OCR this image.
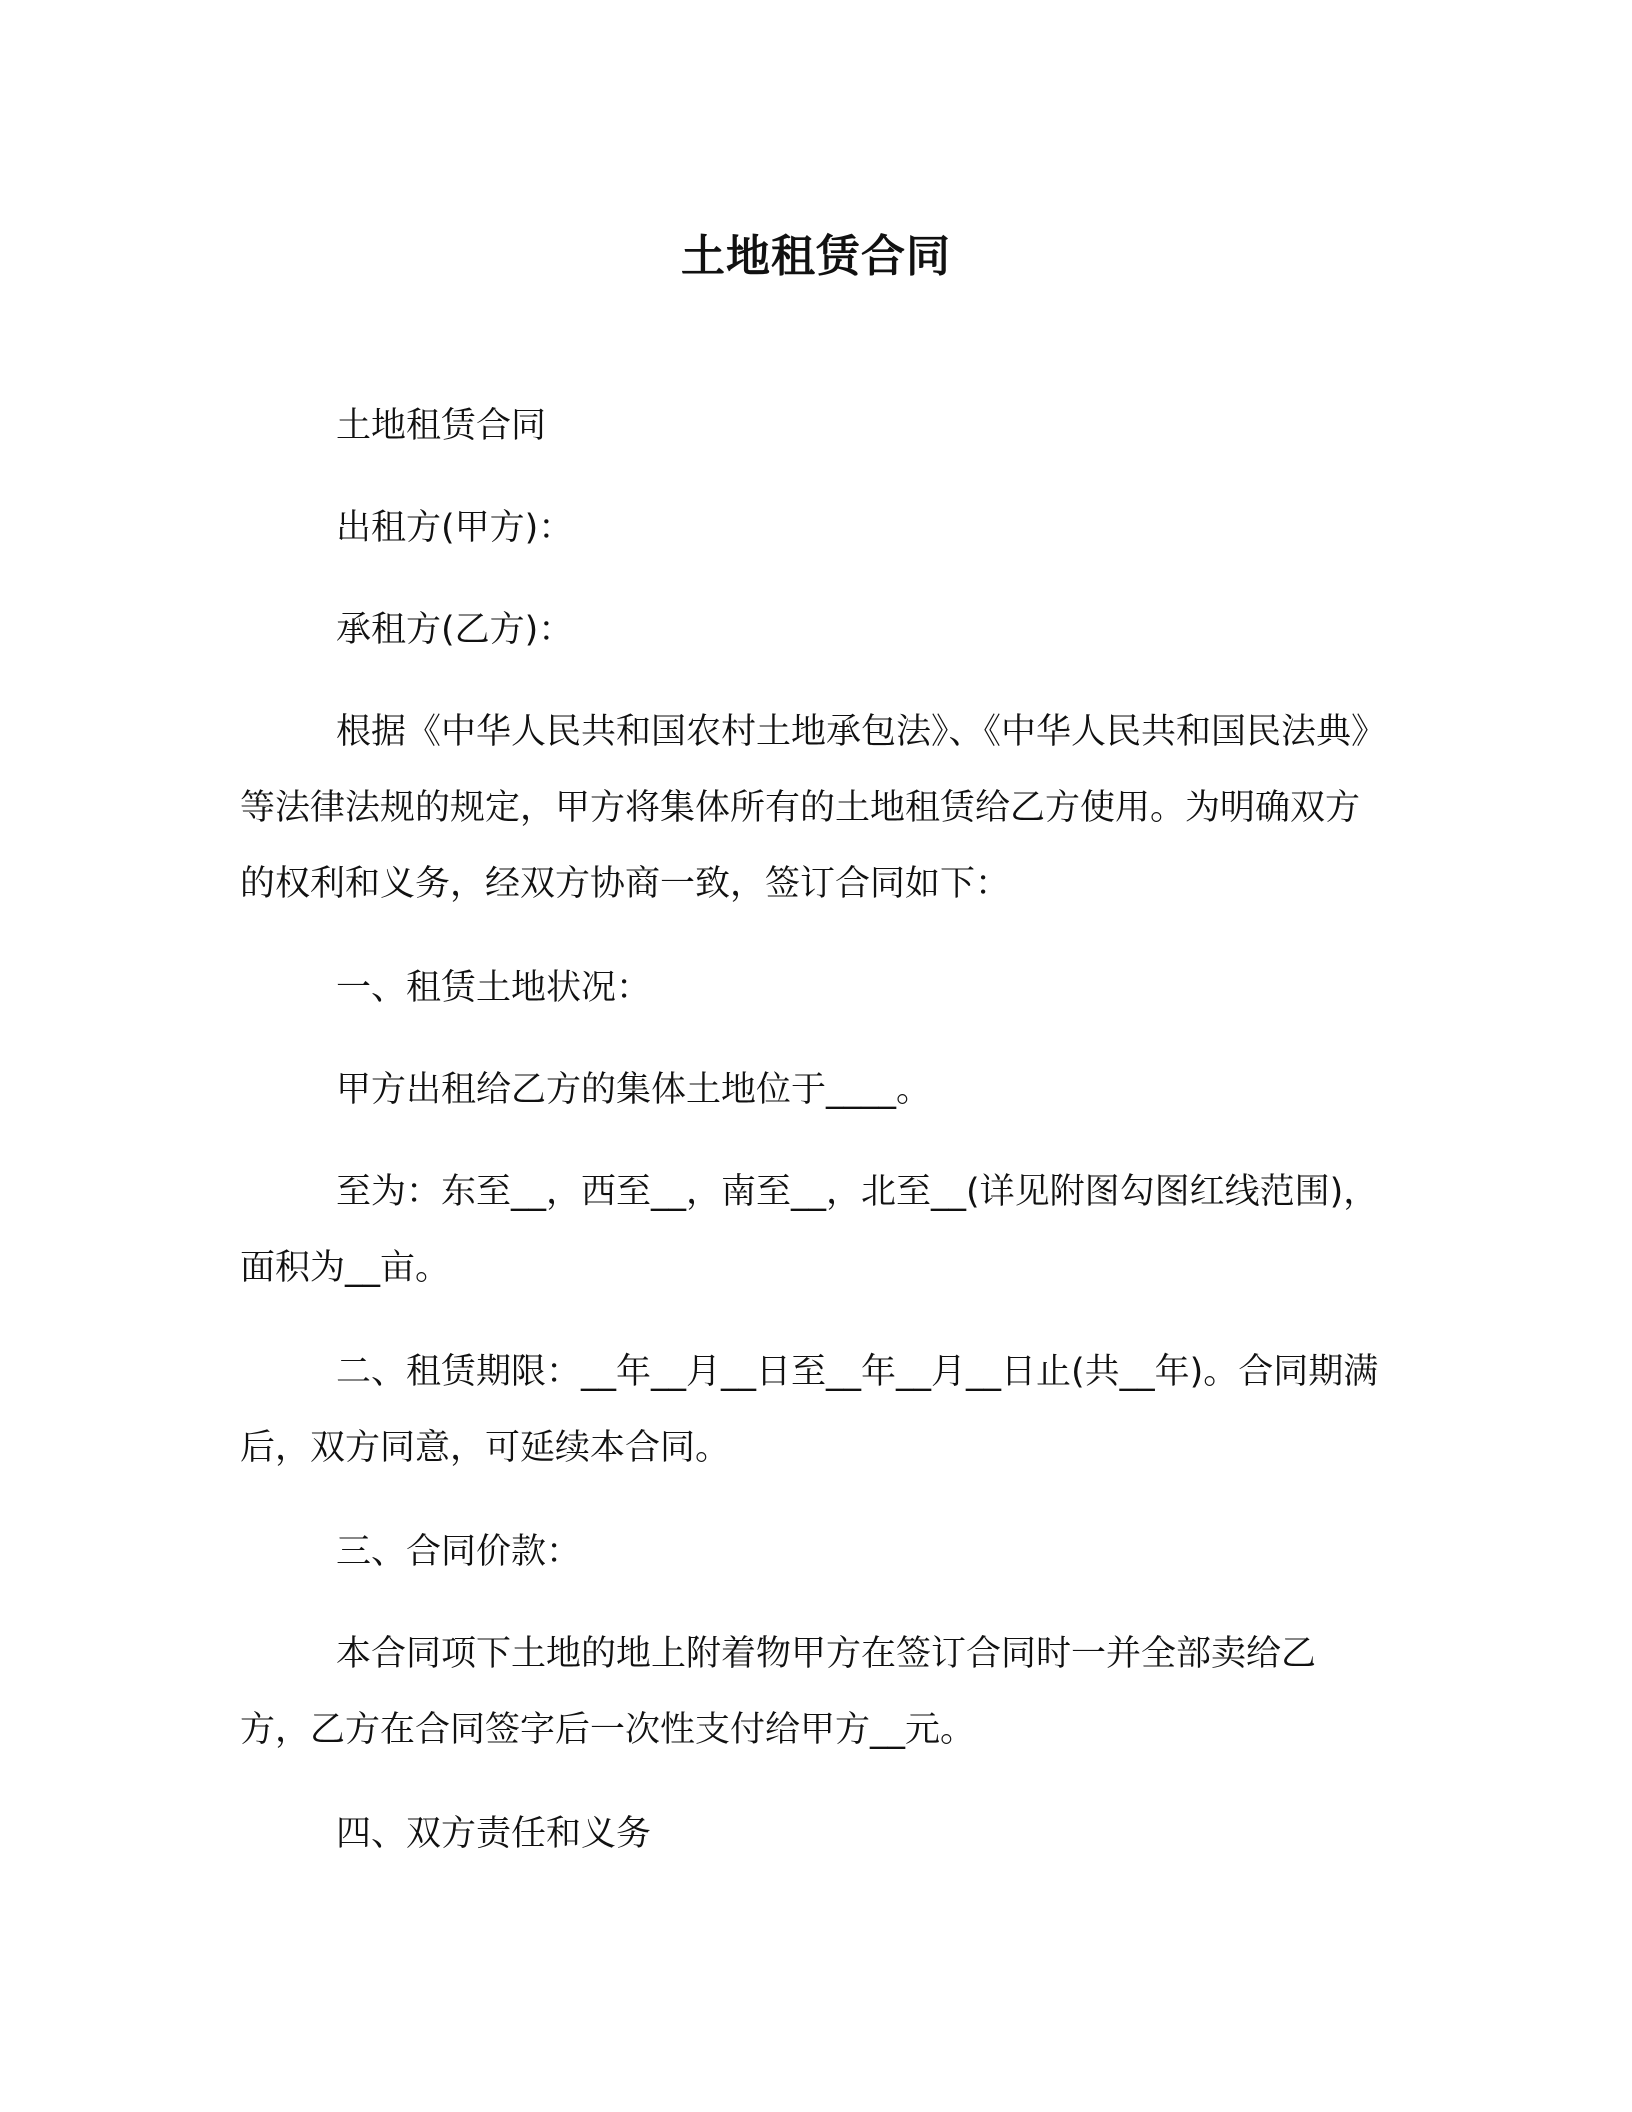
土地租赁合同

土地租赁合同

出租方(甲方)：

承租方(乙方)：

根据《中华人民共和国农村土地承包法》、《中华人民共和国民法典》等法律法规的规定，甲方将集体所有的土地租赁给乙方使用。为明确双方的权利和义务，经双方协商一致，签订合同如下：

一、租赁土地状况：

甲方出租给乙方的集体土地位于____。

至为：东至__，西至__，南至__，北至__(详见附图勾图红线范围)，面积为__亩。

二、租赁期限：__年__月__日至__年__月__日止(共__年)。合同期满后，双方同意，可延续本合同。

三、合同价款：

本合同项下土地的地上附着物甲方在签订合同时一并全部卖给乙方，乙方在合同签字后一次性支付给甲方__元。

四、双方责任和义务
